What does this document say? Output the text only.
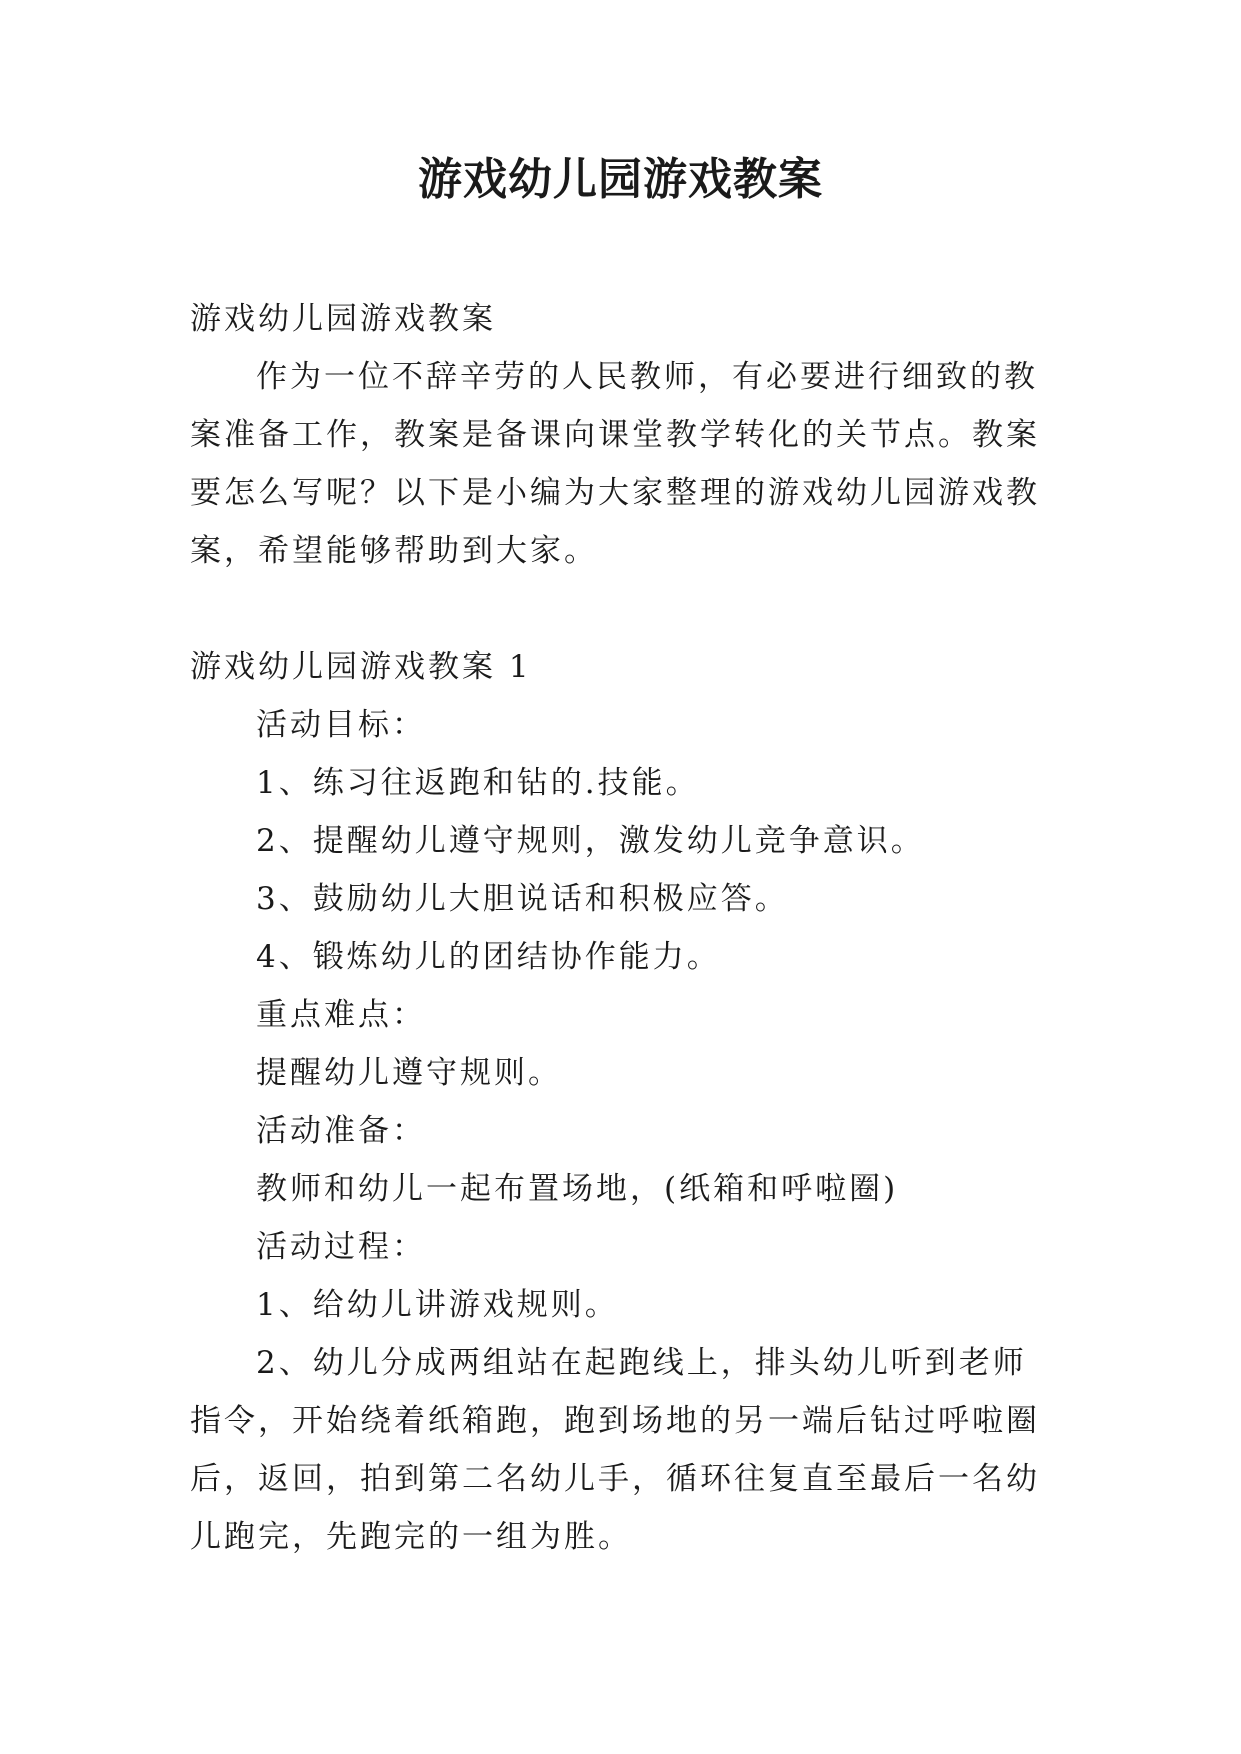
游戏幼儿园游戏教案

游戏幼儿园游戏教案

作为一位不辞辛劳的人民教师，有必要进行细致的教案准备工作，教案是备课向课堂教学转化的关节点。教案要怎么写呢？以下是小编为大家整理的游戏幼儿园游戏教案，希望能够帮助到大家。

游戏幼儿园游戏教案 1

活动目标：

1、练习往返跑和钻的.技能。

2、提醒幼儿遵守规则，激发幼儿竞争意识。

3、鼓励幼儿大胆说话和积极应答。

4、锻炼幼儿的团结协作能力。

重点难点：

提醒幼儿遵守规则。

活动准备：

教师和幼儿一起布置场地，(纸箱和呼啦圈)

活动过程：

1、给幼儿讲游戏规则。

2、幼儿分成两组站在起跑线上，排头幼儿听到老师指令，开始绕着纸箱跑，跑到场地的另一端后钻过呼啦圈后，返回，拍到第二名幼儿手，循环往复直至最后一名幼儿跑完，先跑完的一组为胜。
